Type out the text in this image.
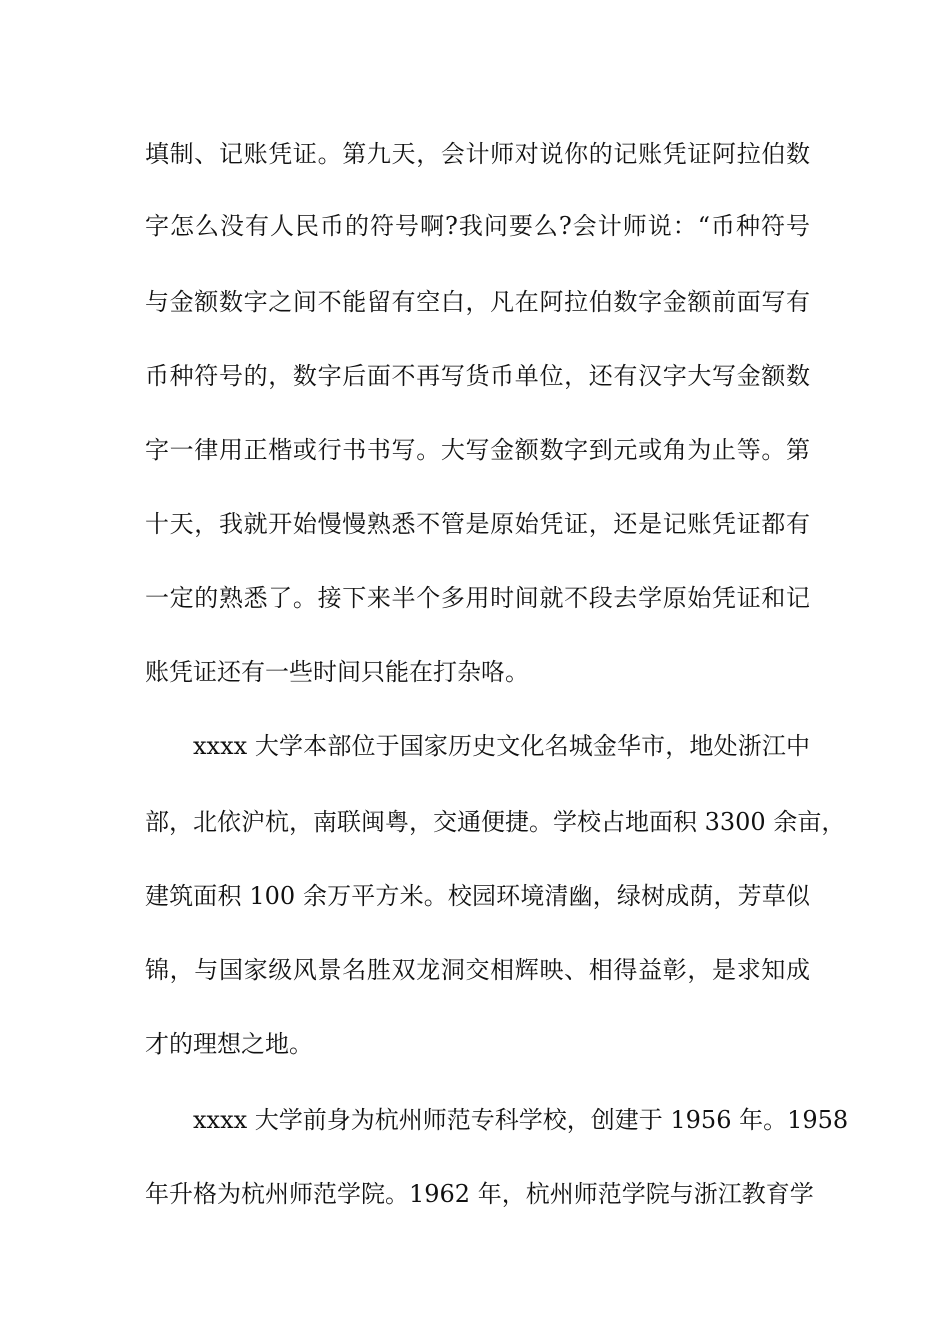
填制、记账凭证。第九天，会计师对说你的记账凭证阿拉伯数
字怎么没有人民币的符号啊?我问要么?会计师说：“币种符号
与金额数字之间不能留有空白，凡在阿拉伯数字金额前面写有
币种符号的，数字后面不再写货币单位，还有汉字大写金额数
字一律用正楷或行书书写。大写金额数字到元或角为止等。第
十天，我就开始慢慢熟悉不管是原始凭证，还是记账凭证都有
一定的熟悉了。接下来半个多用时间就不段去学原始凭证和记
账凭证还有一些时间只能在打杂咯。
xxxx 大学本部位于国家历史文化名城金华市，地处浙江中
部，北依沪杭，南联闽粤，交通便捷。学校占地面积 3300 余亩，
建筑面积 100 余万平方米。校园环境清幽，绿树成荫，芳草似
锦，与国家级风景名胜双龙洞交相辉映、相得益彰，是求知成
才的理想之地。
xxxx 大学前身为杭州师范专科学校，创建于 1956 年。1958
年升格为杭州师范学院。1962 年，杭州师范学院与浙江教育学
